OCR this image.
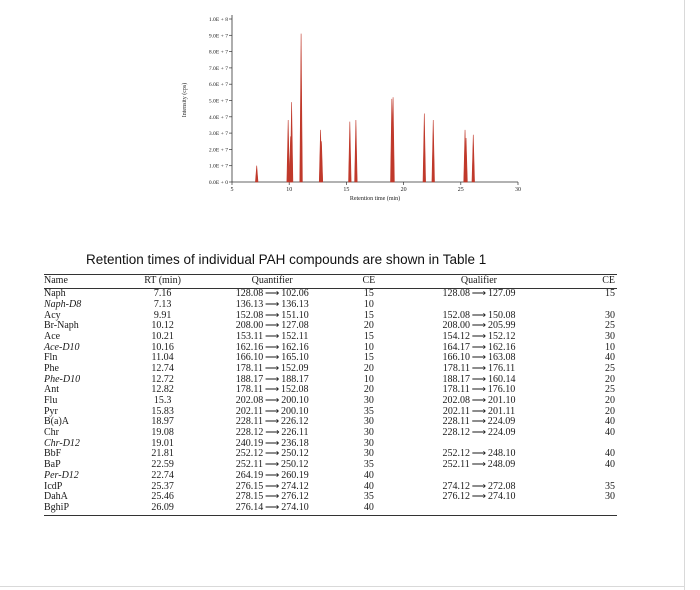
0.0E + 0
1.0E + 7
2.0E + 7
3.0E + 7
4.0E + 7
5.0E + 7
6.0E + 7
7.0E + 7
8.0E + 7
9.0E + 7
1.0E + 8
5	10	15	20	25	30
Retention time (min)
Intensity (cps)
Retention times of individual PAH compounds are shown in Table 1
Name	RT (min)	Quantifier	CE	Qualifier	CE
Naph	7.16	128.08 ⟶ 102.06	15	128.08 ⟶ 127.09	15
Naph-D8	7.13	136.13 ⟶ 136.13	10		
Acy	9.91	152.08 ⟶ 151.10	15	152.08 ⟶ 150.08	30
Br-Naph	10.12	208.00 ⟶ 127.08	20	208.00 ⟶ 205.99	25
Ace	10.21	153.11 ⟶ 152.11	15	154.12 ⟶ 152.12	30
Ace-D10	10.16	162.16 ⟶ 162.16	10	164.17 ⟶ 162.16	10
Fln	11.04	166.10 ⟶ 165.10	15	166.10 ⟶ 163.08	40
Phe	12.74	178.11 ⟶ 152.09	20	178.11 ⟶ 176.11	25
Phe-D10	12.72	188.17 ⟶ 188.17	10	188.17 ⟶ 160.14	20
Ant	12.82	178.11 ⟶ 152.08	20	178.11 ⟶ 176.10	25
Flu	15.3	202.08 ⟶ 200.10	30	202.08 ⟶ 201.10	20
Pyr	15.83	202.11 ⟶ 200.10	35	202.11 ⟶ 201.11	20
B(a)A	18.97	228.11 ⟶ 226.12	30	228.11 ⟶ 224.09	40
Chr	19.08	228.12 ⟶ 226.11	30	228.12 ⟶ 224.09	40
Chr-D12	19.01	240.19 ⟶ 236.18	30		
BbF	21.81	252.12 ⟶ 250.12	30	252.12 ⟶ 248.10	40
BaP	22.59	252.11 ⟶ 250.12	35	252.11 ⟶ 248.09	40
Per-D12	22.74	264.19 ⟶ 260.19	40		
IcdP	25.37	276.15 ⟶ 274.12	40	274.12 ⟶ 272.08	35
DahA	25.46	278.15 ⟶ 276.12	35	276.12 ⟶ 274.10	30
BghiP	26.09	276.14 ⟶ 274.10	40		
